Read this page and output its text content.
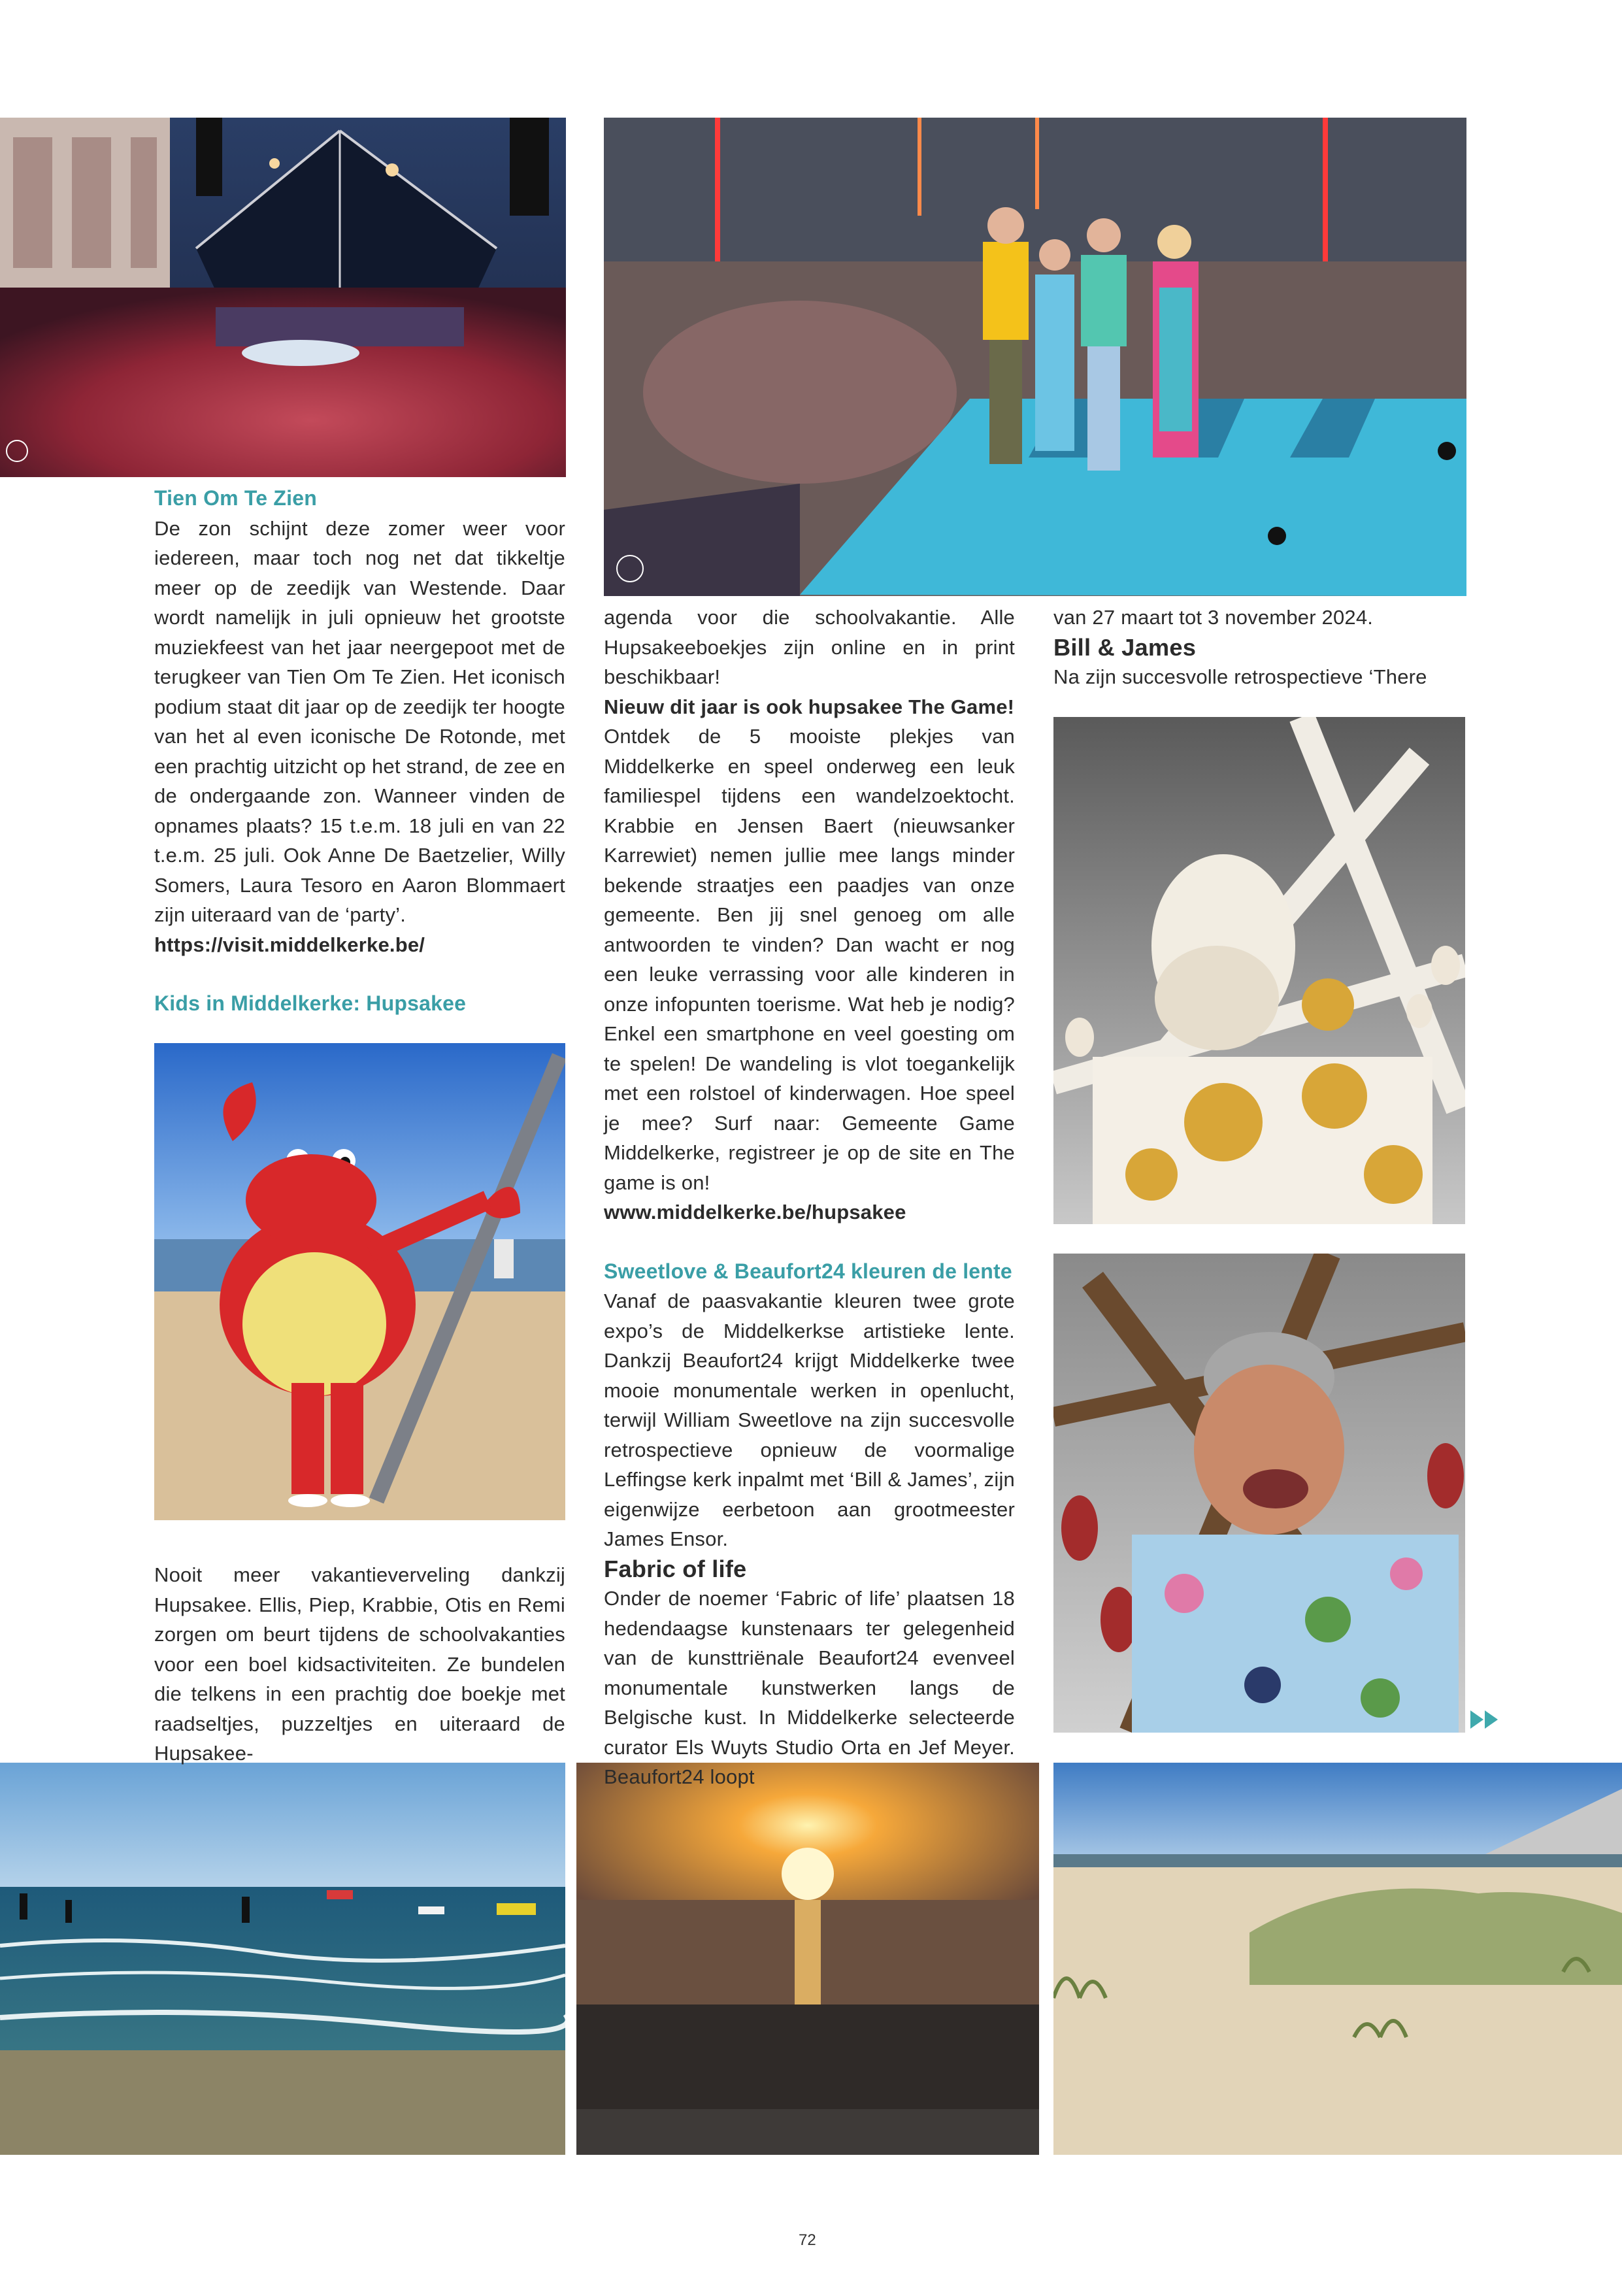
Tien Om Te Zien

De zon schijnt deze zomer weer voor iedereen, maar toch nog net dat tikkeltje meer op de zeedijk van Westende. Daar wordt namelijk in juli opnieuw het grootste muziekfeest van het jaar neergepoot met de terugkeer van Tien Om Te Zien. Het iconisch podium staat dit jaar op de zeedijk ter hoogte van het al even iconische De Rotonde, met een prachtig uitzicht op het strand, de zee en de ondergaande zon. Wanneer vinden de opnames plaats? 15 t.e.m. 18 juli en van 22 t.e.m. 25 juli. Ook Anne De Baetzelier, Willy Somers, Laura Tesoro en Aaron Blommaert zijn uiteraard van de ‘party’.

https://visit.middelkerke.be/

Kids in Middelkerke: Hupsakee

Nooit meer vakantieverveling dankzij Hupsakee. Ellis, Piep, Krabbie, Otis en Remi zorgen om beurt tijdens de schoolvakanties voor een boel kidsactiviteiten. Ze bundelen die telkens in een prachtig doe boekje met raadseltjes, puzzeltjes en uiteraard de Hupsakee-

agenda voor die schoolvakantie. Alle Hupsakeeboekjes zijn online en in print beschikbaar!

Nieuw dit jaar is ook hupsakee The Game!

Ontdek de 5 mooiste plekjes van Middelkerke en speel onderweg een leuk familiespel tijdens een wandelzoektocht. Krabbie en Jensen Baert (nieuwsanker Karrewiet) nemen jullie mee langs minder bekende straatjes een paadjes van onze gemeente. Ben jij snel genoeg om alle antwoorden te vinden? Dan wacht er nog een leuke verrassing voor alle kinderen in onze infopunten toerisme. Wat heb je nodig? Enkel een smartphone en veel goesting om te spelen! De wandeling is vlot toegankelijk met een rolstoel of kinderwagen. Hoe speel je mee? Surf naar: Gemeente Game Middelkerke, registreer je op de site en The game is on!

www.middelkerke.be/hupsakee

Sweetlove & Beaufort24 kleuren de lente

Vanaf de paasvakantie kleuren twee grote expo’s de Middelkerkse artistieke lente. Dankzij Beaufort24 krijgt Middelkerke twee mooie monumentale werken in openlucht, terwijl William Sweetlove na zijn succesvolle retrospectieve opnieuw de voormalige Leffingse kerk inpalmt met ‘Bill & James’, zijn eigenwijze eerbetoon aan grootmeester James Ensor.

Fabric of life

Onder de noemer ‘Fabric of life’ plaatsen 18 hedendaagse kunstenaars ter gelegenheid van de kunsttriënale Beaufort24 evenveel monumentale kunstwerken langs de Belgische kust. In Middelkerke selecteerde curator Els Wuyts Studio Orta en Jef Meyer. Beaufort24 loopt

van 27 maart tot 3 november 2024.

Bill & James

Na zijn succesvolle retrospectieve ‘There

72
